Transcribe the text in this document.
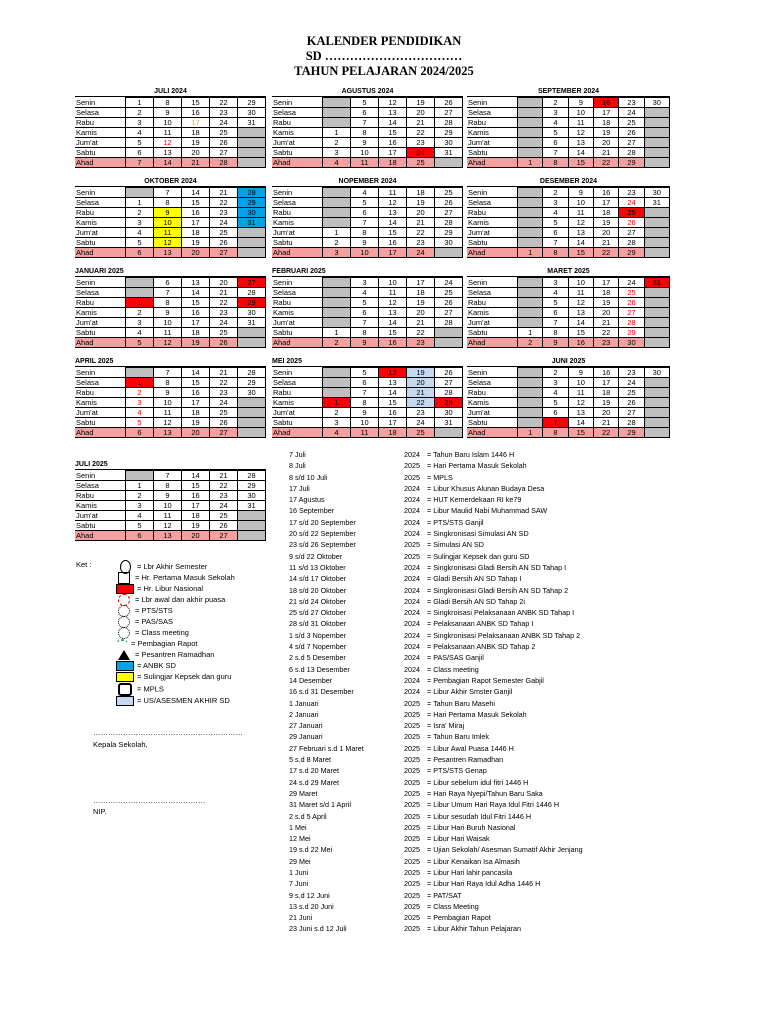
KALENDER PENDIDIKAN
SD ……………………………
TAHUN PELAJARAN 2024/2025
JULI 2024
Senin	1	8	15	22	29
Selasa	2	9	16	23	30
Rabu	3	10	17	24	31
Kamis	4	11	18	25	
Jum'at	5	12	19	26	
Sabtu	6	13	20	27	
Ahad	7	14	21	28	
AGUSTUS 2024
Senin		5	12	19	26
Selasa		6	13	20	27
Rabu		7	14	21	28
Kamis	1	8	15	22	29
Jum'at	2	9	16	23	30
Sabtu	3	10	17	24	31
Ahad	4	11	18	25	
SEPTEMBER 2024
Senin		2	9	16	23	30
Selasa		3	10	17	24	
Rabu		4	11	18	25	
Kamis		5	12	19	26	
Jum'at		6	13	20	27	
Sabtu		7	14	21	28	
Ahad	1	8	15	22	29	
OKTOBER 2024
Senin		7	14	21	28
Selasa	1	8	15	22	29
Rabu	2	9	16	23	30
Kamis	3	10	17	24	31
Jum'at	4	11	18	25	
Sabtu	5	12	19	26	
Ahad	6	13	20	27	
NOPEMBER 2024
Senin		4	11	18	25
Selasa		5	12	19	26
Rabu		6	13	20	27
Kamis		7	14	21	28
Jum'at	1	8	15	22	29
Sabtu	2	9	16	23	30
Ahad	3	10	17	24	
DESEMBER 2024
Senin		2	9	16	23	30
Selasa		3	10	17	24	31
Rabu		4	11	18	25	
Kamis		5	12	19	26	
Jum'at		6	13	20	27	
Sabtu		7	14	21	28	
Ahad	1	8	15	22	29	
JANUARI 2025
Senin		6	13	20	27
Selasa		7	14	21	28
Rabu	1	8	15	22	29
Kamis	2	9	16	23	30
Jum'at	3	10	17	24	31
Sabtu	4	11	18	25	
Ahad	5	12	19	26	
FEBRUARI 2025
Senin		3	10	17	24
Selasa		4	11	18	25
Rabu		5	12	19	26
Kamis		6	13	20	27
Jum'at		7	14	21	28
Sabtu	1	8	15	22	
Ahad	2	9	16	23	
MARET 2025
Senin		3	10	17	24	31
Selasa		4	11	18	25	
Rabu		5	12	19	26	
Kamis		6	13	20	27	
Jum'at		7	14	21	28	
Sabtu	1	8	15	22	29	
Ahad	2	9	16	23	30	
APRIL 2025
Senin		7	14	21	28
Selasa	1	8	15	22	29
Rabu	2	9	16	23	30
Kamis	3	10	17	24	
Jum'at	4	11	18	25	
Sabtu	5	12	19	26	
Ahad	6	13	20	27	
MEI 2025
Senin		5	12	19	26
Selasa		6	13	20	27
Rabu		7	14	21	28
Kamis	1	8	15	22	29
Jum'at	2	9	16	23	30
Sabtu	3	10	17	24	31
Ahad	4	11	18	25	
JUNI 2025
Senin		2	9	16	23	30
Selasa		3	10	17	24	
Rabu		4	11	18	25	
Kamis		5	12	19	26	
Jum'at		6	13	20	27	
Sabtu		7	14	21	28	
Ahad	1	8	15	22	29	
JULI 2025
Senin		7	14	21	28
Selasa	1	8	15	22	29
Rabu	2	9	16	23	30
Kamis	3	10	17	24	31
Jum'at	4	11	18	25	
Sabtu	5	12	19	26	
Ahad	6	13	20	27	
Ket :	= Lbr Akhir Semester
= Hr. Pertama Masuk Sekolah
= Hr. Libur Nasional
= Lbr awal dan akhir puasa
= PTS/STS
= PAS/SAS
= Class meeting
= Pembagian Rapot
= Pesantren Ramadhan
= ANBK SD
= Sulingjar Kepsek dan guru
= MPLS
= US/ASESMEN AKHIR SD
……………………………………………………
Kepala Sekolah,
………………………………………
NIP.
7 Juli	2024 = Tahun Baru Islam 1446 H
8 Juli	2025 = Hari Pertama Masuk Sekolah
8 s/d 10 Juli	2025 = MPLS
17 Juli	2024 = Libur Khusus Alunan Budaya Desa
17 Agustus	2024 = HUT Kemerdekaan RI ke79
16 September	2024 = Libur Maulid Nabi Muhammad SAW
17 s/d 20 September	2024 = PTS/STS Ganjil
20 s/d 22 September	2024 = Singkronisasi Simulasi AN SD
23 s/d 26 September	2025 = Simulasi AN SD
9 s/d 22 Oktober	2025 = Sulingjar Kepsek dan guru SD
11 s/d 13 Oktober	2024 = Singkronisasi Gladi Bersih AN SD Tahap I
14 s/d 17 Oktober	2024 = Gladi Bersih AN SD Tahap I
18 s/d 20 Oktober	2024 = Singkronisasi Gladi Bersih AN SD Tahap 2
21 s/d 24 Oktober	2024 = Gladi Bersih AN SD Tahap 2i
25 s/d 27 Oktober	2024 = Singkroisasi Pelaksanaan ANBK SD Tahap I
28 s/d 31 Oktober	2024 = Pelaksanaan ANBK SD Tahap I
1 s/d 3 Nopember	2024 = Singkronisasi Pelaksanaan ANBK SD Tahap 2
4 s/d 7 Nopember	2024 = Pelaksanaan ANBK SD Tahap 2
2 s.d 5 Desember	2024 = PAS/SAS Ganjil
6 s.d 13 Desember	2024 = Class meeting
14 Desember	2024 = Pembagian Rapot Semester Gabjil
16 s.d 31 Desember	2024 = Libur Akhir Smster Ganjil
1 Januari	2025 = Tahun Baru Masehi
2 Januari	2025 = Hari Pertama Masuk Sekolah
27 Januari	2025 = Isra' Miraj
29 Januari	2025 = Tahun Baru Imlek
27 Februari s.d 1 Maret	2025 = Libur Awal Puasa 1446 H
5 s.d 8 Maret	2025 = Pesantren Ramadhan
17 s.d 20 Maret	2025 = PTS/STS Genap
24 s.d 29 Maret	2025 = Libur sebelum idul fitri 1446 H
29 Maret	2025 = Hari Raya Nyepi/Tahun Baru Saka
31 Maret s/d 1 April	2025 = Libur Umum Hari Raya Idul Fitri 1446 H
2 s.d 5 April	2025 = Libur sesudah Idul Fitri 1446 H
1 Mei	2025 = Libur Hari Buruh Nasional
12 Mei	2025 = Libur Hari Waisak
19 s.d 22 Mei	2025 = Ujian Sekolah/ Asesman Sumatif Akhir Jenjang
29 Mei	2025 = Libur Kenaikan Isa Almasih
1 Juni	2025 = Libur Hari lahir pancasila
7 Juni	2025 = Libur Hari Raya Idul Adha 1446 H
9 s.d 12 Juni	2025 = PAT/SAT
13 s.d 20 Juni	2025 = Class Meeting
21 Juni	2025 = Pembagian Rapot
23 Juni s.d 12 Juli	2025 = Libur Akhir Tahun Pelajaran
